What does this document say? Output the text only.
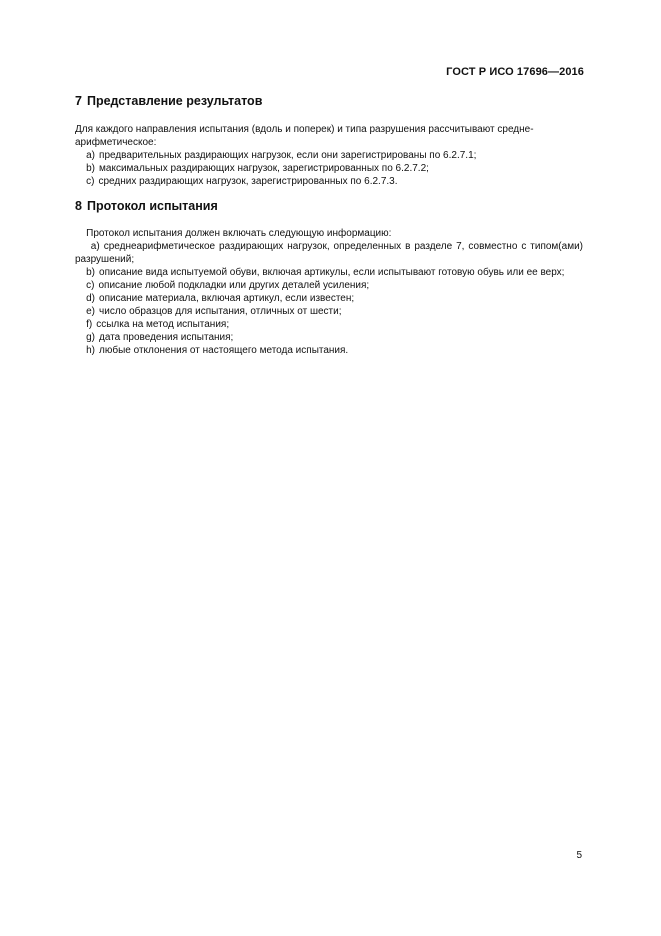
ГОСТ Р ИСО 17696—2016
7 Представление результатов

Для каждого направления испытания (вдоль и поперек) и типа разрушения рассчитывают средне-арифметическое:

a) предварительных раздирающих нагрузок, если они зарегистрированы по 6.2.7.1;
b) максимальных раздирающих нагрузок, зарегистрированных по 6.2.7.2;
c) средних раздирающих нагрузок, зарегистрированных по 6.2.7.3.
8 Протокол испытания

Протокол испытания должен включать следующую информацию:

a) среднеарифметическое раздирающих нагрузок, определенных в разделе 7, совместно с типом(ами) разрушений;
b) описание вида испытуемой обуви, включая артикулы, если испытывают готовую обувь или ее верх;
c) описание любой подкладки или других деталей усиления;
d) описание материала, включая артикул, если известен;
e) число образцов для испытания, отличных от шести;
f) ссылка на метод испытания;
g) дата проведения испытания;
h) любые отклонения от настоящего метода испытания.
5
